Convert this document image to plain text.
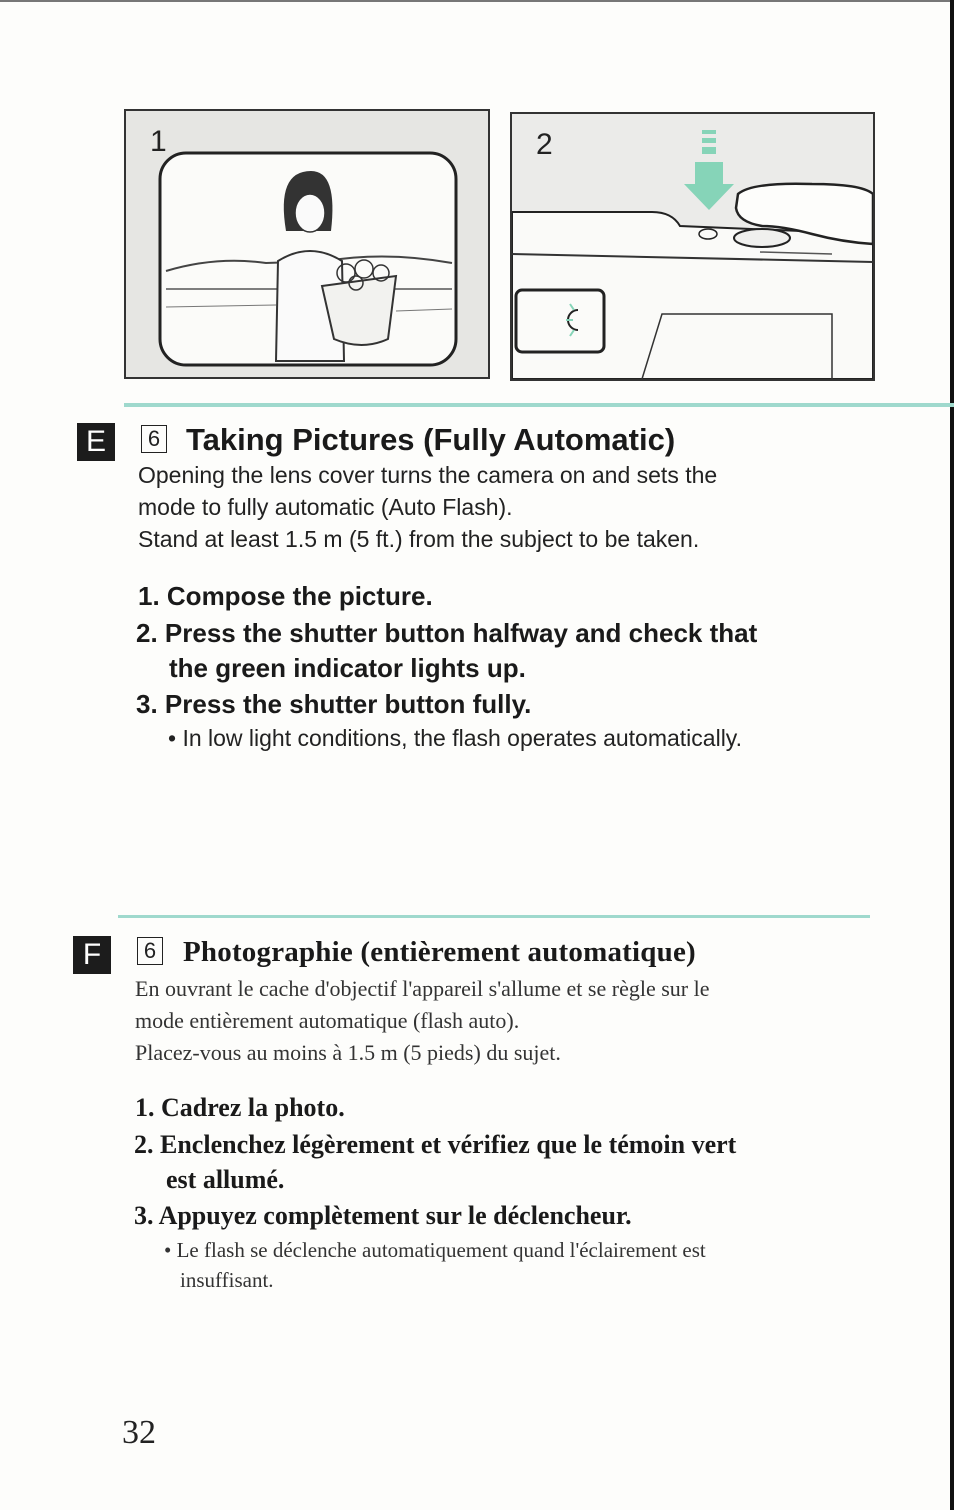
1	2
E	6 Taking Pictures (Fully Automatic)
Opening the lens cover turns the camera on and sets the
mode to fully automatic (Auto Flash).
Stand at least 1.5 m (5 ft.) from the subject to be taken.
1. Compose the picture.
2. Press the shutter button halfway and check that
the green indicator lights up.
3. Press the shutter button fully.
• In low light conditions, the flash operates automatically.
F	6 Photographie (entièrement automatique)
En ouvrant le cache d'objectif l'appareil s'allume et se règle sur le
mode entièrement automatique (flash auto).
Placez-vous au moins à 1.5 m (5 pieds) du sujet.
1. Cadrez la photo.
2. Enclenchez légèrement et vérifiez que le témoin vert
est allumé.
3. Appuyez complètement sur le déclencheur.
• Le flash se déclenche automatiquement quand l'éclairement est
insuffisant.
32
